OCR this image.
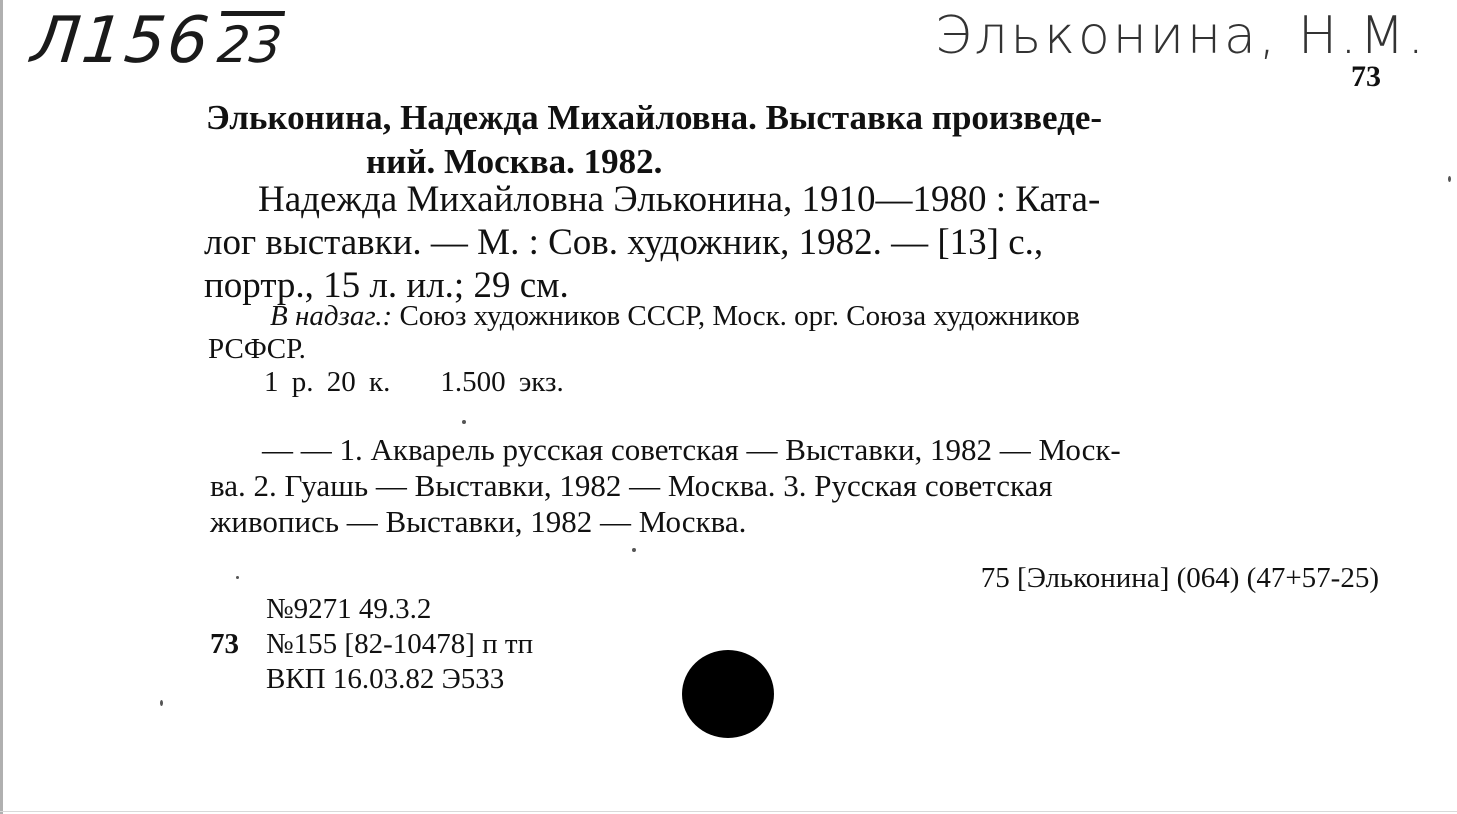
Л15623	Эльконина, Н.М.
73
Эльконина, Надежда Михайловна. Выставка произведе-
ний. Москва. 1982.
Надежда Михайловна Эльконина, 1910—1980 : Ката-
лог выставки. — М. : Сов. художник, 1982. — [13] с.,
портр., 15 л. ил.; 29 см.
В надзаг.: Союз художников СССР, Моск. орг. Союза художников
РСФСР.
1 р. 20 к. 1.500 экз.
— — 1. Акварель русская советская — Выставки, 1982 — Моск-
ва. 2. Гуашь — Выставки, 1982 — Москва. 3. Русская советская
живопись — Выставки, 1982 — Москва.
75 [Эльконина] (064) (47+57-25)
№9271 49.3.2
73 №155 [82-10478] п тп
ВКП 16.03.82 Э533
